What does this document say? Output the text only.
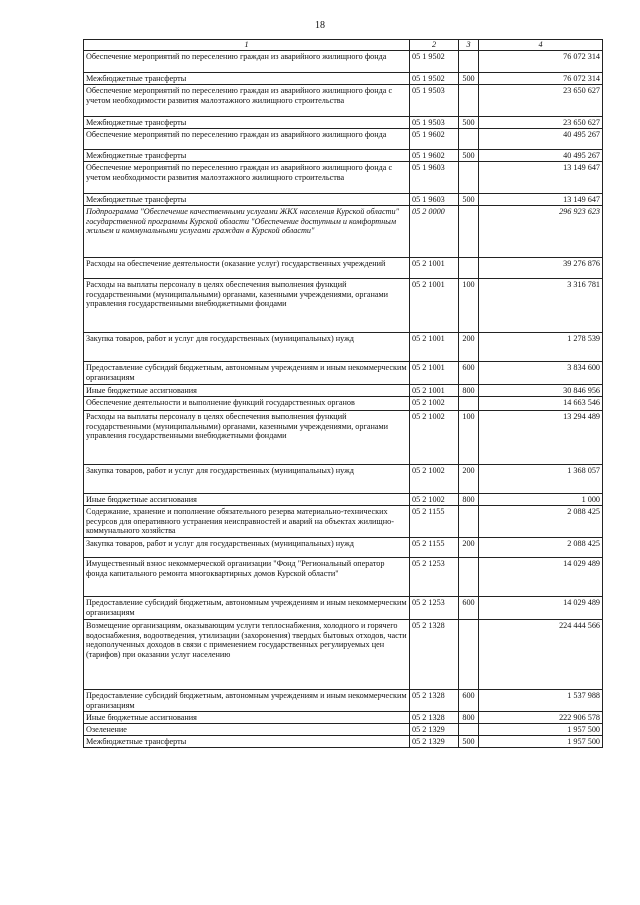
18
1	2	3	4
Обеспечение мероприятий по переселению граждан из аварийного жилищного фонда	05 1 9502		76 072 314
Межбюджетные трансферты	05 1 9502	500	76 072 314
Обеспечение мероприятий по переселению граждан из аварийного жилищного фонда с учетом необходимости развития малоэтажного жилищного строительства	05 1 9503		23 650 627
Межбюджетные трансферты	05 1 9503	500	23 650 627
Обеспечение мероприятий по переселению граждан из аварийного жилищного фонда	05 1 9602		40 495 267
Межбюджетные трансферты	05 1 9602	500	40 495 267
Обеспечение мероприятий по переселению граждан из аварийного жилищного фонда с учетом необходимости развития малоэтажного жилищного строительства	05 1 9603		13 149 647
Межбюджетные трансферты	05 1 9603	500	13 149 647
Подпрограмма "Обеспечение качественными услугами ЖКХ населения Курской области" государственной программы Курской области "Обеспечение доступным и комфортным жильем и коммунальными услугами граждан в Курской области"	05 2 0000		296 923 623
Расходы на обеспечение деятельности (оказание услуг) государственных учреждений	05 2 1001		39 276 876
Расходы на выплаты персоналу в целях обеспечения выполнения функций государственными (муниципальными) органами, казенными учреждениями, органами управления государственными внебюджетными фондами	05 2 1001	100	3 316 781
Закупка товаров, работ и услуг для государственных (муниципальных) нужд	05 2 1001	200	1 278 539
Предоставление субсидий бюджетным, автономным учреждениям и иным некоммерческим организациям	05 2 1001	600	3 834 600
Иные бюджетные ассигнования	05 2 1001	800	30 846 956
Обеспечение деятельности и выполнение функций государственных органов	05 2 1002		14 663 546
Расходы на выплаты персоналу в целях обеспечения выполнения функций государственными (муниципальными) органами, казенными учреждениями, органами управления государственными внебюджетными фондами	05 2 1002	100	13 294 489
Закупка товаров, работ и услуг для государственных (муниципальных) нужд	05 2 1002	200	1 368 057
Иные бюджетные ассигнования	05 2 1002	800	1 000
Содержание, хранение и пополнение обязательного резерва материально-технических ресурсов для оперативного устранения неисправностей и аварий на объектах жилищно-коммунального хозяйства	05 2 1155		2 088 425
Закупка товаров, работ и услуг для государственных (муниципальных) нужд	05 2 1155	200	2 088 425
Имущественный взнос некоммерческой организации "Фонд "Региональный оператор фонда капитального ремонта многоквартирных домов Курской области"	05 2 1253		14 029 489
Предоставление субсидий бюджетным, автономным учреждениям и иным некоммерческим организациям	05 2 1253	600	14 029 489
Возмещение организациям, оказывающим услуги теплоснабжения, холодного и горячего водоснабжения, водоотведения, утилизации (захоронения) твердых бытовых отходов, части недополученных доходов в связи с применением государственных регулируемых цен (тарифов) при оказании услуг населению	05 2 1328		224 444 566
Предоставление субсидий бюджетным, автономным учреждениям и иным некоммерческим организациям	05 2 1328	600	1 537 988
Иные бюджетные ассигнования	05 2 1328	800	222 906 578
Озеленение	05 2 1329		1 957 500
Межбюджетные трансферты	05 2 1329	500	1 957 500
